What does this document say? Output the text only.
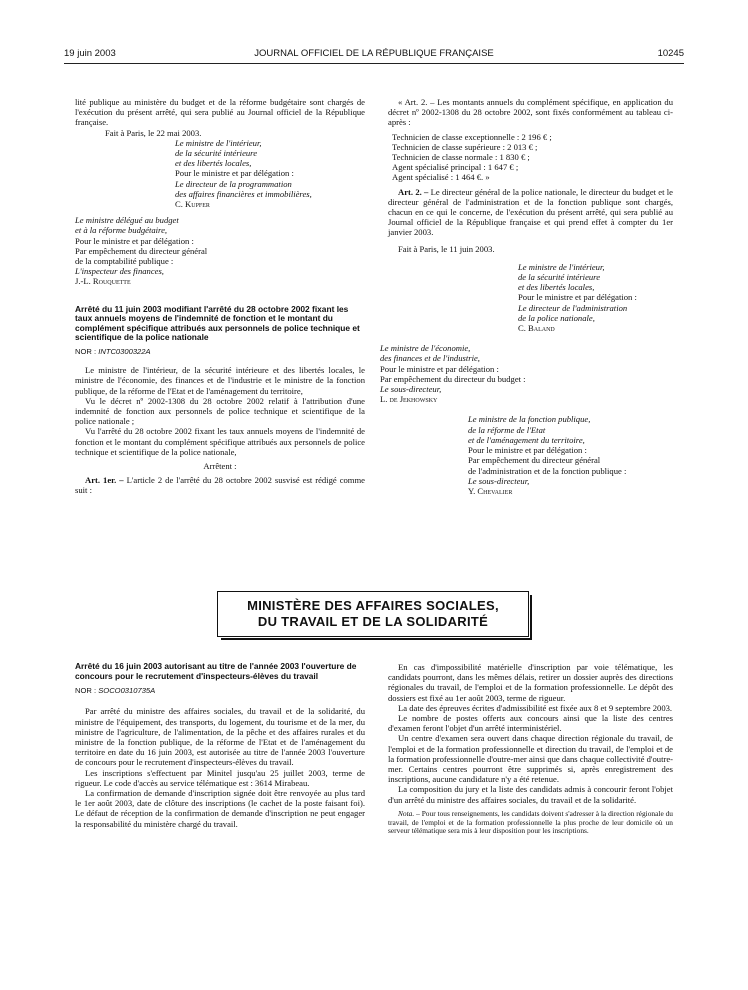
19 juin 2003	JOURNAL OFFICIEL DE LA RÉPUBLIQUE FRANÇAISE	10245

lité publique au ministère du budget et de la réforme budgétaire sont chargés de l'exécution du présent arrêté, qui sera publié au Journal officiel de la République française.

Fait à Paris, le 22 mai 2003.

Le ministre de l'intérieur,

de la sécurité intérieure

et des libertés locales,

Pour le ministre et par délégation :

Le directeur de la programmation

des affaires financières et immobilières,

C. Kupfer

Le ministre délégué au budget

et à la réforme budgétaire,

Pour le ministre et par délégation :

Par empêchement du directeur général

de la comptabilité publique :

L'inspecteur des finances,

J.-L. Rouquette

Arrêté du 11 juin 2003 modifiant l'arrêté du 28 octobre 2002 fixant les taux annuels moyens de l'indemnité de fonction et le montant du complément spécifique attribués aux personnels de police technique et scientifique de la police nationale

NOR : INTC0300322A

Le ministre de l'intérieur, de la sécurité intérieure et des libertés locales, le ministre de l'économie, des finances et de l'industrie et le ministre de la fonction publique, de la réforme de l'Etat et de l'aménagement du territoire,

Vu le décret nº 2002-1308 du 28 octobre 2002 relatif à l'attribution d'une indemnité de fonction aux personnels de police technique et scientifique de la police nationale ;

Vu l'arrêté du 28 octobre 2002 fixant les taux annuels moyens de l'indemnité de fonction et le montant du complément spécifique attribués aux personnels de police technique et scientifique de la police nationale,

Arrêtent :

Art. 1er. – L'article 2 de l'arrêté du 28 octobre 2002 susvisé est rédigé comme suit :

« Art. 2. – Les montants annuels du complément spécifique, en application du décret nº 2002-1308 du 28 octobre 2002, sont fixés conformément au tableau ci-après :

Technicien de classe exceptionnelle : 2 196 € ;

Technicien de classe supérieure : 2 013 € ;

Technicien de classe normale : 1 830 € ;

Agent spécialisé principal : 1 647 € ;

Agent spécialisé : 1 464 €. »

Art. 2. – Le directeur général de la police nationale, le directeur du budget et le directeur général de l'administration et de la fonction publique sont chargés, chacun en ce qui le concerne, de l'exécution du présent arrêté, qui sera publié au Journal officiel de la République française et qui prend effet à compter du 1er janvier 2003.

Fait à Paris, le 11 juin 2003.

Le ministre de l'intérieur,

de la sécurité intérieure

et des libertés locales,

Pour le ministre et par délégation :

Le directeur de l'administration

de la police nationale,

C. Baland

Le ministre de l'économie,

des finances et de l'industrie,

Pour le ministre et par délégation :

Par empêchement du directeur du budget :

Le sous-directeur,

L. de Jekhowsky

Le ministre de la fonction publique,

de la réforme de l'Etat

et de l'aménagement du territoire,

Pour le ministre et par délégation :

Par empêchement du directeur général

de l'administration et de la fonction publique :

Le sous-directeur,

Y. Chevalier

MINISTÈRE DES AFFAIRES SOCIALES,
DU TRAVAIL ET DE LA SOLIDARITÉ

Arrêté du 16 juin 2003 autorisant au titre de l'année 2003 l'ouverture de concours pour le recrutement d'inspecteurs-élèves du travail

NOR : SOCO0310735A

Par arrêté du ministre des affaires sociales, du travail et de la solidarité, du ministre de l'équipement, des transports, du logement, du tourisme et de la mer, du ministre de l'agriculture, de l'alimentation, de la pêche et des affaires rurales et du ministre de la fonction publique, de la réforme de l'Etat et de l'aménagement du territoire en date du 16 juin 2003, est autorisée au titre de l'année 2003 l'ouverture de concours pour le recrutement d'inspecteurs-élèves du travail.

Les inscriptions s'effectuent par Minitel jusqu'au 25 juillet 2003, terme de rigueur. Le code d'accès au service télématique est : 3614 Mirabeau.

La confirmation de demande d'inscription signée doit être renvoyée au plus tard le 1er août 2003, date de clôture des inscriptions (le cachet de la poste faisant foi). Le défaut de réception de la confirmation de demande d'inscription ne peut engager la responsabilité du ministère chargé du travail.

En cas d'impossibilité matérielle d'inscription par voie télématique, les candidats pourront, dans les mêmes délais, retirer un dossier auprès des directions régionales du travail, de l'emploi et de la formation professionnelle. Le dépôt des dossiers est fixé au 1er août 2003, terme de rigueur.

La date des épreuves écrites d'admissibilité est fixée aux 8 et 9 septembre 2003.

Le nombre de postes offerts aux concours ainsi que la liste des centres d'examen feront l'objet d'un arrêté interministériel.

Un centre d'examen sera ouvert dans chaque direction régionale du travail, de l'emploi et de la formation professionnelle et direction du travail, de l'emploi et de la formation professionnelle d'outre-mer ainsi que dans chaque collectivité d'outre-mer. Certains centres pourront être supprimés si, après enregistrement des inscriptions, aucune candidature n'y a été retenue.

La composition du jury et la liste des candidats admis à concourir feront l'objet d'un arrêté du ministre des affaires sociales, du travail et de la solidarité.

Nota. – Pour tous renseignements, les candidats doivent s'adresser à la direction régionale du travail, de l'emploi et de la formation professionnelle la plus proche de leur domicile où un serveur télématique sera mis à leur disposition pour les inscriptions.
